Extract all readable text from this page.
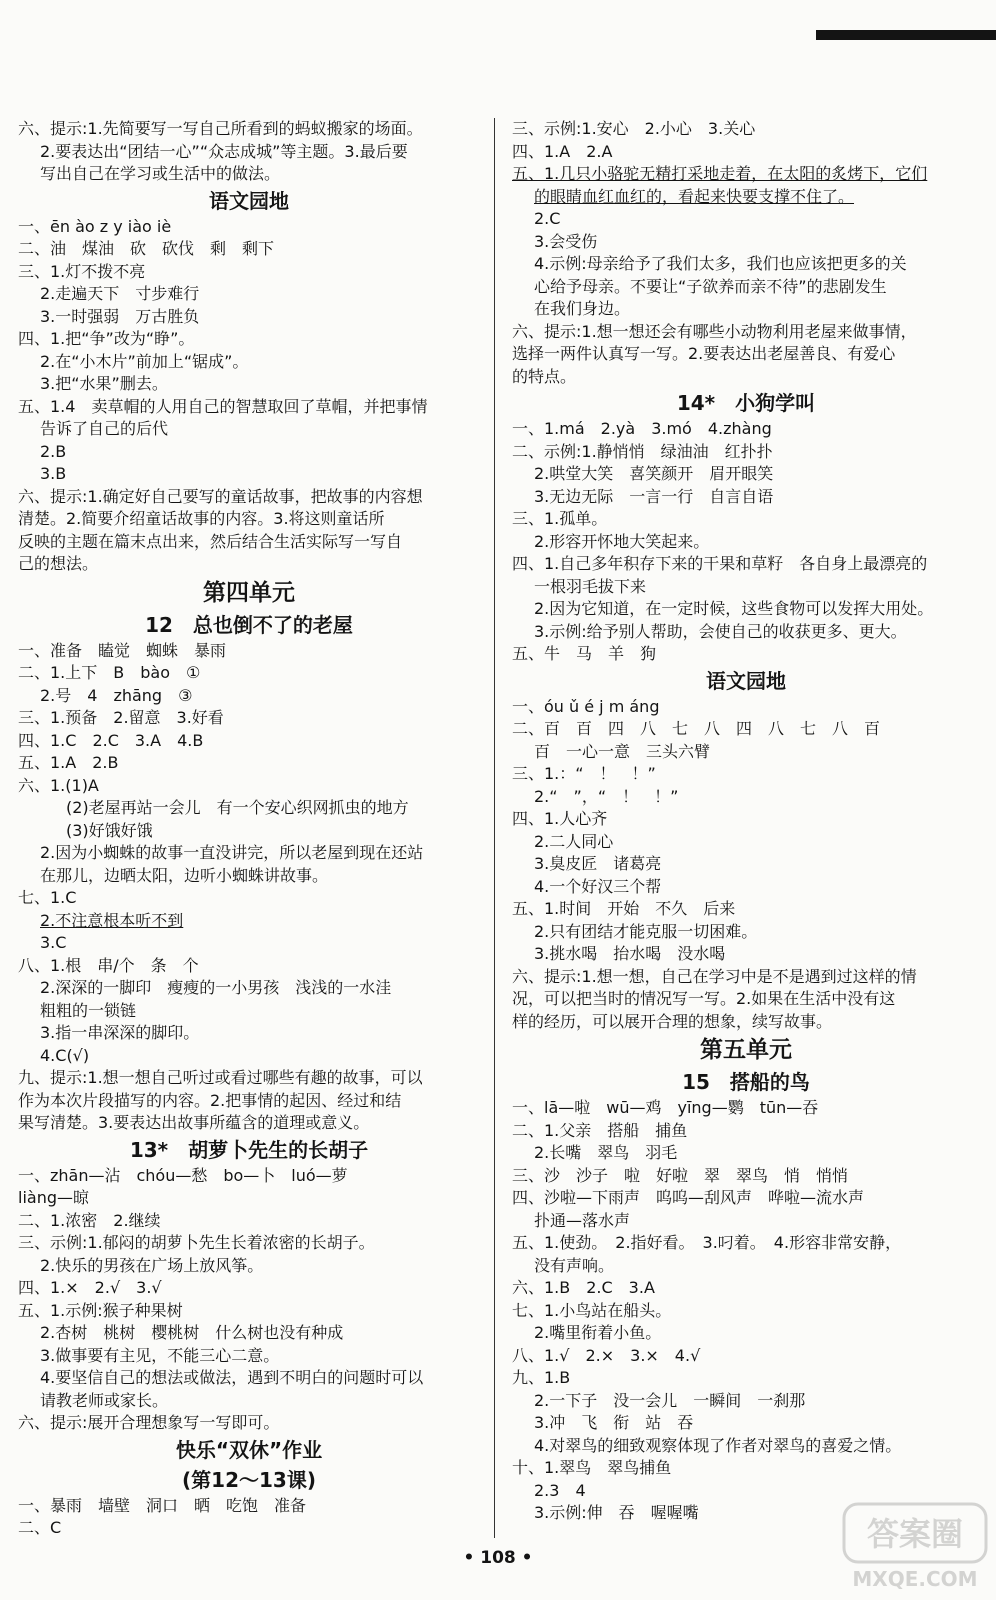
六、提示:1.先简要写一写自己所看到的蚂蚁搬家的场面。
2.要表达出“团结一心”“众志成城”等主题。3.最后要
写出自己在学习或生活中的做法。
语文园地
一、ēn ào z y iào iè
二、油　煤油　砍　砍伐　剩　剩下
三、1.灯不拨不亮
2.走遍天下　寸步难行
3.一时强弱　万古胜负
四、1.把“争”改为“睁”。
2.在“小木片”前加上“锯成”。
3.把“水果”删去。
五、1.4　卖草帽的人用自己的智慧取回了草帽，并把事情
告诉了自己的后代
2.B
3.B
六、提示:1.确定好自己要写的童话故事，把故事的内容想
清楚。2.简要介绍童话故事的内容。3.将这则童话所
反映的主题在篇末点出来，然后结合生活实际写一写自
己的想法。
第四单元
12　总也倒不了的老屋
一、准备　瞌觉　蜘蛛　暴雨
二、1.上下　B　bào　①
2.号　4　zhāng　③
三、1.预备　2.留意　3.好看
四、1.C　2.C　3.A　4.B
五、1.A　2.B
六、1.(1)A
(2)老屋再站一会儿　有一个安心织网抓虫的地方
(3)好饿好饿
2.因为小蜘蛛的故事一直没讲完，所以老屋到现在还站
在那儿，边晒太阳，边听小蜘蛛讲故事。
七、1.C
2.不注意根本听不到
3.C
八、1.根　串/个　条　个
2.深深的一脚印　瘦瘦的一小男孩　浅浅的一水洼
粗粗的一锁链
3.指一串深深的脚印。
4.C(√)
九、提示:1.想一想自己听过或看过哪些有趣的故事，可以
作为本次片段描写的内容。2.把事情的起因、经过和结
果写清楚。3.要表达出故事所蕴含的道理或意义。
13*　胡萝卜先生的长胡子
一、zhān—沾　chóu—愁　bo—卜　luó—萝
liàng—晾
二、1.浓密　2.继续
三、示例:1.郁闷的胡萝卜先生长着浓密的长胡子。
2.快乐的男孩在广场上放风筝。
四、1.×　2.√　3.√
五、1.示例:猴子种果树
2.杏树　桃树　樱桃树　什么树也没有种成
3.做事要有主见，不能三心二意。
4.要坚信自己的想法或做法，遇到不明白的问题时可以
请教老师或家长。
六、提示:展开合理想象写一写即可。
快乐“双休”作业
(第12～13课)
一、暴雨　墙壁　洞口　晒　吃饱　准备
二、C
三、示例:1.安心　2.小心　3.关心
四、1.A　2.A
五、1.几只小骆驼无精打采地走着，在太阳的炙烤下，它们
的眼睛血红血红的，看起来快要支撑不住了。
2.C
3.会受伤
4.示例:母亲给予了我们太多，我们也应该把更多的关
心给予母亲。不要让“子欲养而亲不待”的悲剧发生
在我们身边。
六、提示:1.想一想还会有哪些小动物利用老屋来做事情，
选择一两件认真写一写。2.要表达出老屋善良、有爱心
的特点。
14*　小狗学叫
一、1.má　2.yà　3.mó　4.zhàng
二、示例:1.静悄悄　绿油油　红扑扑
2.哄堂大笑　喜笑颜开　眉开眼笑
3.无边无际　一言一行　自言自语
三、1.孤单。
2.形容开怀地大笑起来。
四、1.自己多年积存下来的干果和草籽　各自身上最漂亮的
一根羽毛拔下来
2.因为它知道，在一定时候，这些食物可以发挥大用处。
3.示例:给予别人帮助，会使自己的收获更多、更大。
五、牛　马　羊　狗
语文园地
一、óu ǔ é j m áng
二、百　百　四　八　七　八　四　八　七　八　百
百　一心一意　三头六臂
三、1.：“　！　！”
2.“　”，“　！　！”
四、1.人心齐
2.二人同心
3.臭皮匠　诸葛亮
4.一个好汉三个帮
五、1.时间　开始　不久　后来
2.只有团结才能克服一切困难。
3.挑水喝　抬水喝　没水喝
六、提示:1.想一想，自己在学习中是不是遇到过这样的情
况，可以把当时的情况写一写。2.如果在生活中没有这
样的经历，可以展开合理的想象，续写故事。
第五单元
15　搭船的鸟
一、lā—啦　wū—鸡　yīng—鹦　tūn—吞
二、1.父亲　搭船　捕鱼
2.长嘴　翠鸟　羽毛
三、沙　沙子　啦　好啦　翠　翠鸟　悄　悄悄
四、沙啦—下雨声　呜呜—刮风声　哗啦—流水声
扑通—落水声
五、1.使劲。　2.指好看。　3.叼着。　4.形容非常安静，
没有声响。
六、1.B　2.C　3.A
七、1.小鸟站在船头。
2.嘴里衔着小鱼。
八、1.√　2.×　3.×　4.√
九、1.B
2.一下子　没一会儿　一瞬间　一刹那
3.冲　飞　衔　站　吞
4.对翠鸟的细致观察体现了作者对翠鸟的喜爱之情。
十、1.翠鸟　翠鸟捕鱼
2.3　4
3.示例:伸　吞　喔喔嘴
• 108 •
答案圈
MXQE.COM
